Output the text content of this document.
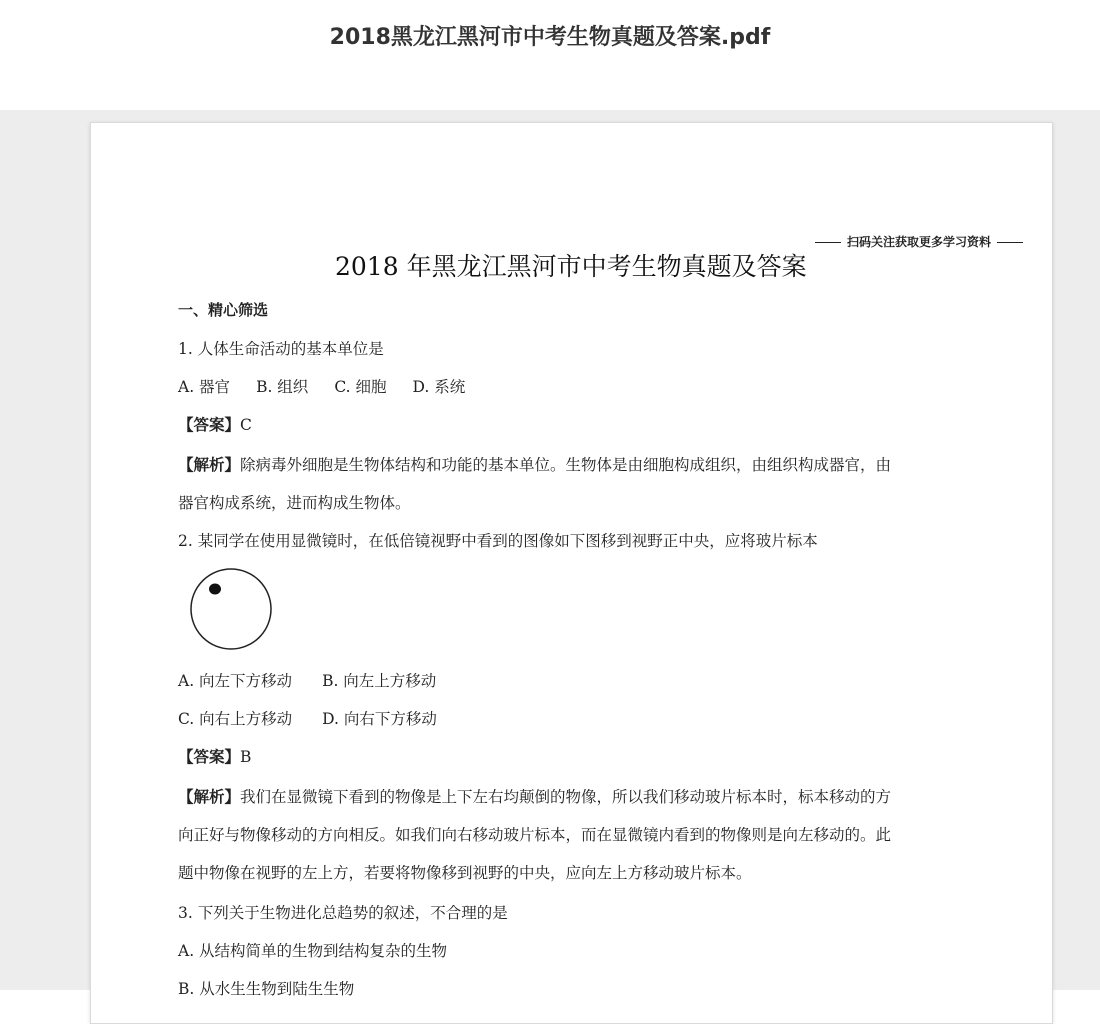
2018黑龙江黑河市中考生物真题及答案.pdf
扫码关注获取更多学习资料
2018 年黑龙江黑河市中考生物真题及答案
一、精心筛选
1. 人体生命活动的基本单位是
A. 器官 B. 组织 C. 细胞 D. 系统
【答案】C
【解析】除病毒外细胞是生物体结构和功能的基本单位。生物体是由细胞构成组织，由组织构成器官，由
器官构成系统，进而构成生物体。
2. 某同学在使用显微镜时，在低倍镜视野中看到的图像如下图移到视野正中央，应将玻片标本
A. 向左下方移动 B. 向左上方移动
C. 向右上方移动 D. 向右下方移动
【答案】B
【解析】我们在显微镜下看到的物像是上下左右均颠倒的物像，所以我们移动玻片标本时，标本移动的方
向正好与物像移动的方向相反。如我们向右移动玻片标本，而在显微镜内看到的物像则是向左移动的。此
题中物像在视野的左上方，若要将物像移到视野的中央，应向左上方移动玻片标本。
3. 下列关于生物进化总趋势的叙述，不合理的是
A. 从结构简单的生物到结构复杂的生物
B. 从水生生物到陆生生物
